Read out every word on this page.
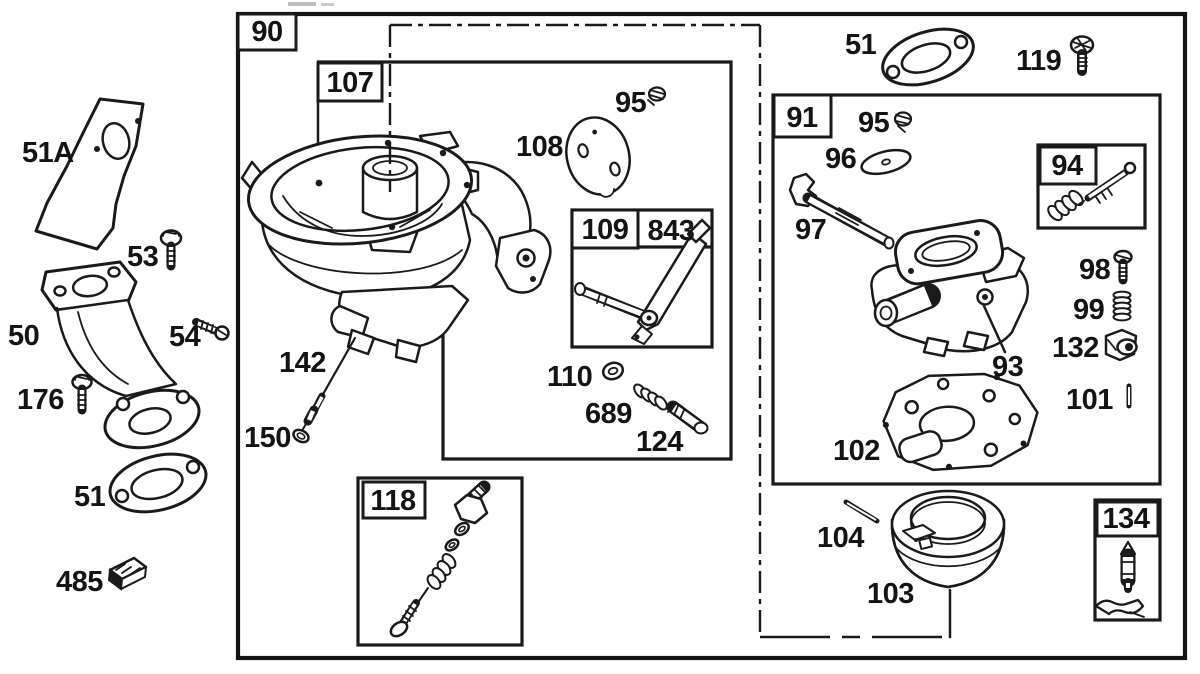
90
107
109 843
91
94
118
134
51A
53
50	54
176
51
485
142
150
95
108
110
689
124
51	119
95
96
97
98
99
132
93
101
102
104
103
